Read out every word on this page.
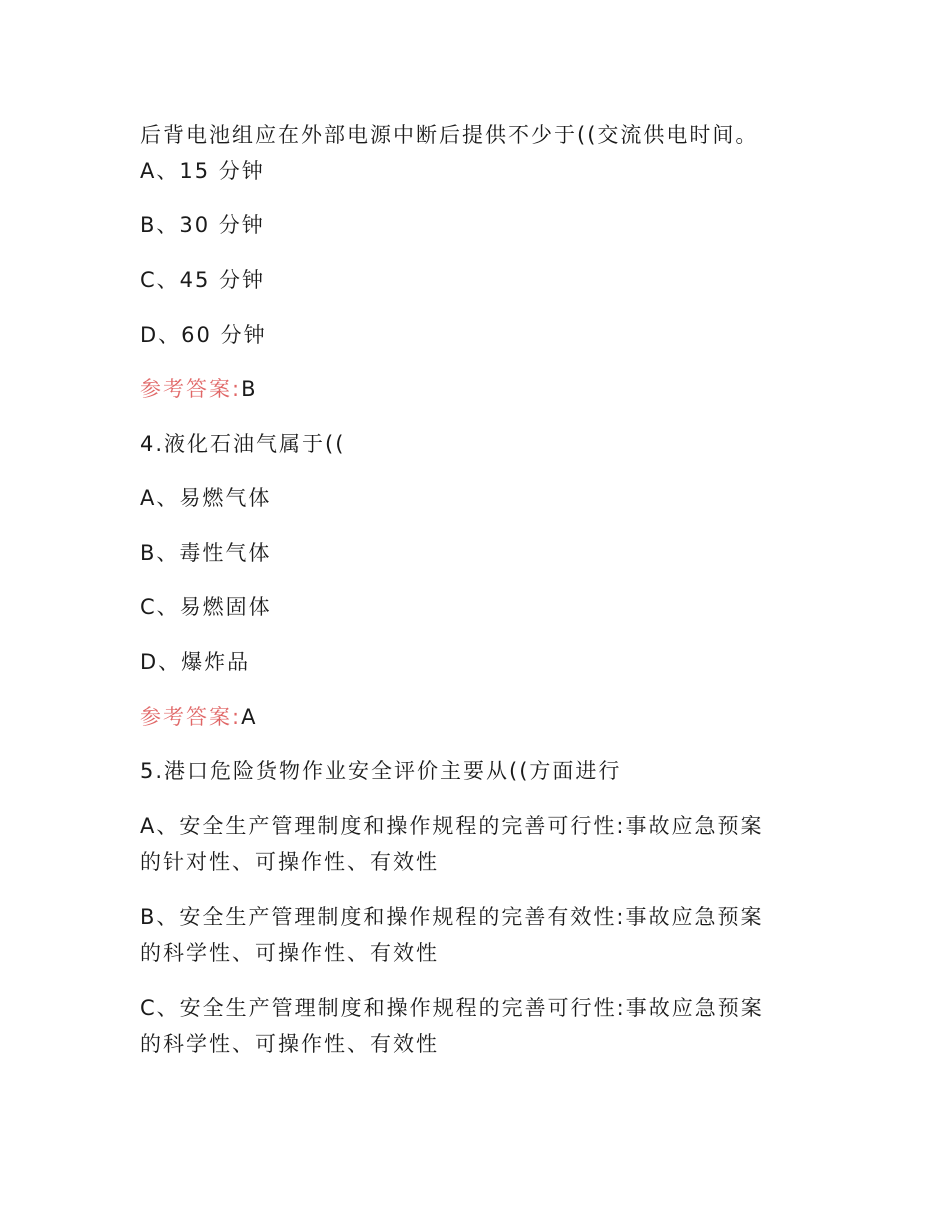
后背电池组应在外部电源中断后提供不少于((交流供电时间。
A、15 分钟
B、30 分钟
C、45 分钟
D、60 分钟
参考答案:B
4.液化石油气属于((
A、易燃气体
B、毒性气体
C、易燃固体
D、爆炸品
参考答案:A
5.港口危险货物作业安全评价主要从((方面进行
A、安全生产管理制度和操作规程的完善可行性:事故应急预案
的针对性、可操作性、有效性
B、安全生产管理制度和操作规程的完善有效性:事故应急预案
的科学性、可操作性、有效性
C、安全生产管理制度和操作规程的完善可行性:事故应急预案
的科学性、可操作性、有效性
